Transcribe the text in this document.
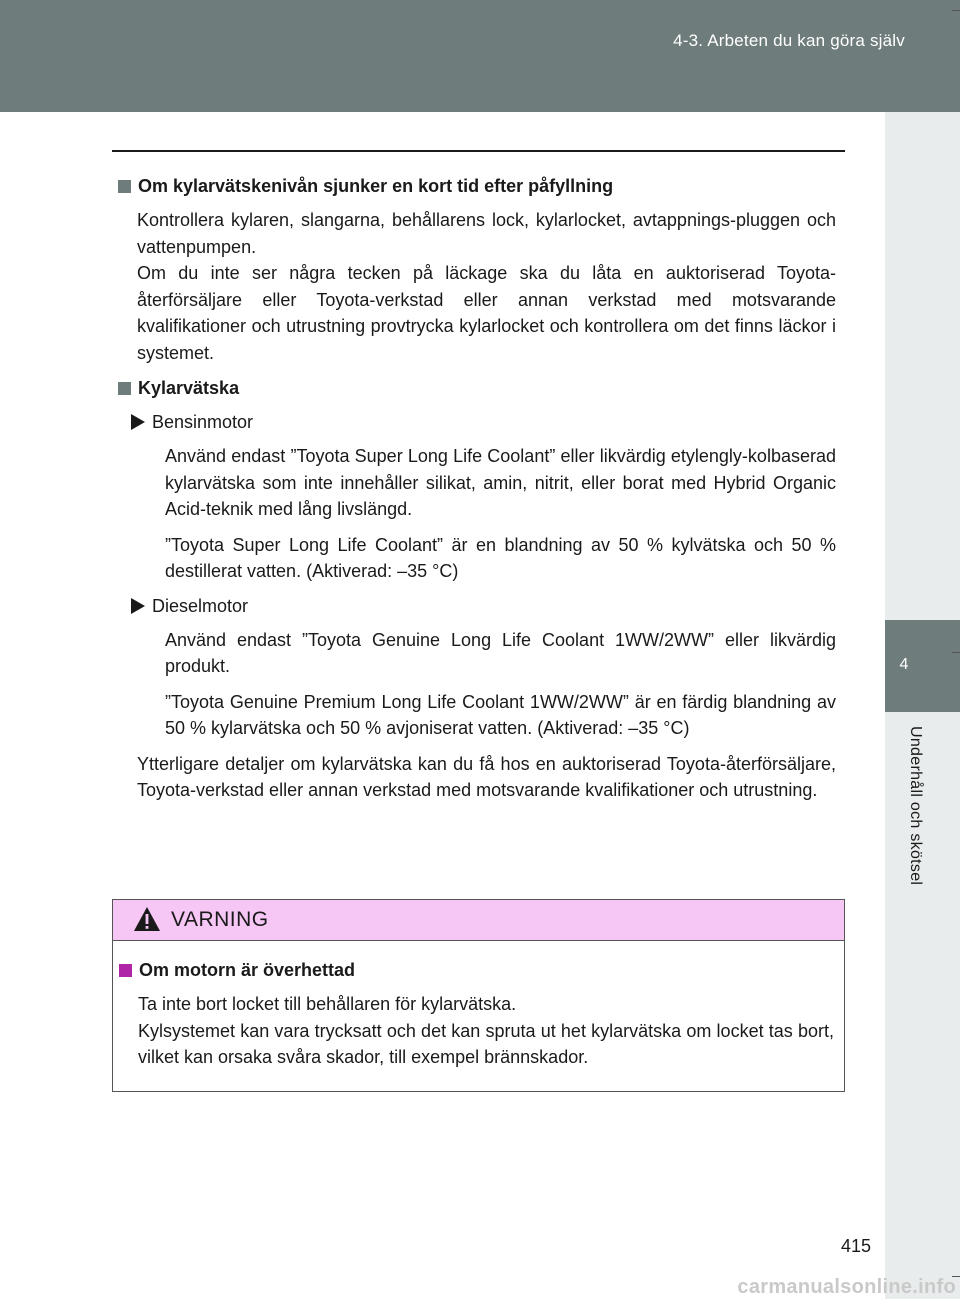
4-3. Arbeten du kan göra själv
4
Underhåll och skötsel
Om kylarvätskenivån sjunker en kort tid efter påfyllning

Kontrollera kylaren, slangarna, behållarens lock, kylarlocket, avtappnings-pluggen och vattenpumpen.

Om du inte ser några tecken på läckage ska du låta en auktoriserad Toyota-återförsäljare eller Toyota-verkstad eller annan verkstad med motsvarande kvalifikationer och utrustning provtrycka kylarlocket och kontrollera om det finns läckor i systemet.

Kylarvätska
Bensinmotor

Använd endast ”Toyota Super Long Life Coolant” eller likvärdig etylengly-kolbaserad kylarvätska som inte innehåller silikat, amin, nitrit, eller borat med Hybrid Organic Acid-teknik med lång livslängd.

”Toyota Super Long Life Coolant” är en blandning av 50 % kylvätska och 50 % destillerat vatten. (Aktiverad: –35 °C)

Dieselmotor

Använd endast ”Toyota Genuine Long Life Coolant 1WW/2WW” eller likvärdig produkt.

”Toyota Genuine Premium Long Life Coolant 1WW/2WW” är en färdig blandning av 50 % kylarvätska och 50 % avjoniserat vatten. (Aktiverad: –35 °C)

Ytterligare detaljer om kylarvätska kan du få hos en auktoriserad Toyota-återförsäljare, Toyota-verkstad eller annan verkstad med motsvarande kvalifikationer och utrustning.

VARNING
Om motorn är överhettad

Ta inte bort locket till behållaren för kylarvätska.

Kylsystemet kan vara trycksatt och det kan spruta ut het kylarvätska om locket tas bort, vilket kan orsaka svåra skador, till exempel brännskador.

415
carmanualsonline.info
